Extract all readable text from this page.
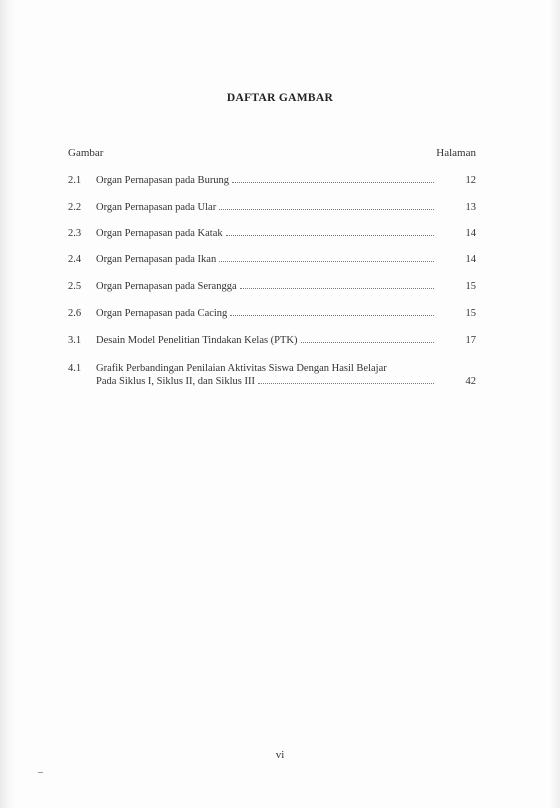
DAFTAR GAMBAR
Gambar	Halaman
2.1	Organ Pernapasan pada Burung	12
2.2	Organ Pernapasan pada Ular	13
2.3	Organ Pernapasan pada Katak	14
2.4	Organ Pernapasan pada Ikan	14
2.5	Organ Pernapasan pada Serangga	15
2.6	Organ Pernapasan pada Cacing	15
3.1	Desain Model Penelitian Tindakan Kelas (PTK)	17
4.1	Grafik Perbandingan Penilaian Aktivitas Siswa Dengan Hasil Belajar
Pada Siklus I, Siklus II, dan Siklus III	42
vi
